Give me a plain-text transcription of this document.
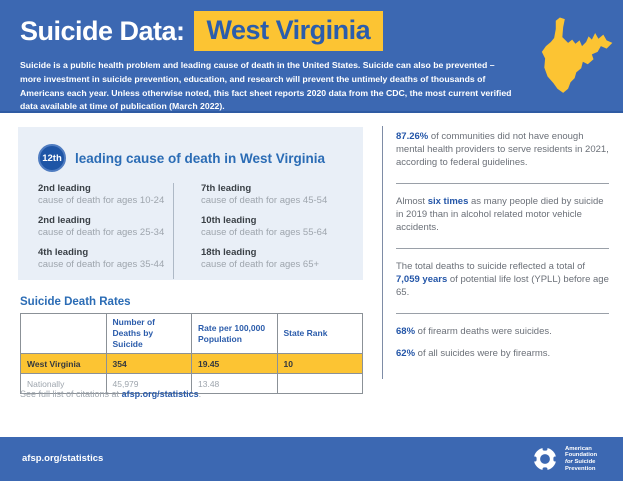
Suicide Data: West Virginia

Suicide is a public health problem and leading cause of death in the United States. Suicide can also be prevented – more investment in suicide prevention, education, and research will prevent the untimely deaths of thousands of Americans each year. Unless otherwise noted, this fact sheet reports 2020 data from the CDC, the most current verified data available at time of publication (March 2022).

12th leading cause of death in West Virginia
2nd leading
cause of death for ages 10-24
2nd leading
cause of death for ages 25-34
4th leading
cause of death for ages 35-44
7th leading
cause of death for ages 45-54
10th leading
cause of death for ages 55-64
18th leading
cause of death for ages 65+
Suicide Death Rates
	Number of Deaths by Suicide	Rate per 100,000 Population	State Rank
West Virginia	354	19.45	10
Nationally	45,979	13.48	

See full list of citations at afsp.org/statistics.

87.26% of communities did not have enough mental health providers to serve residents in 2021, according to federal guidelines.

Almost six times as many people died by suicide in 2019 than in alcohol related motor vehicle accidents.

The total deaths to suicide reflected a total of 7,059 years of potential life lost (YPLL) before age 65.

68% of firearm deaths were suicides.

62% of all suicides were by firearms.

afsp.org/statistics
American
Foundation
for Suicide
Prevention
